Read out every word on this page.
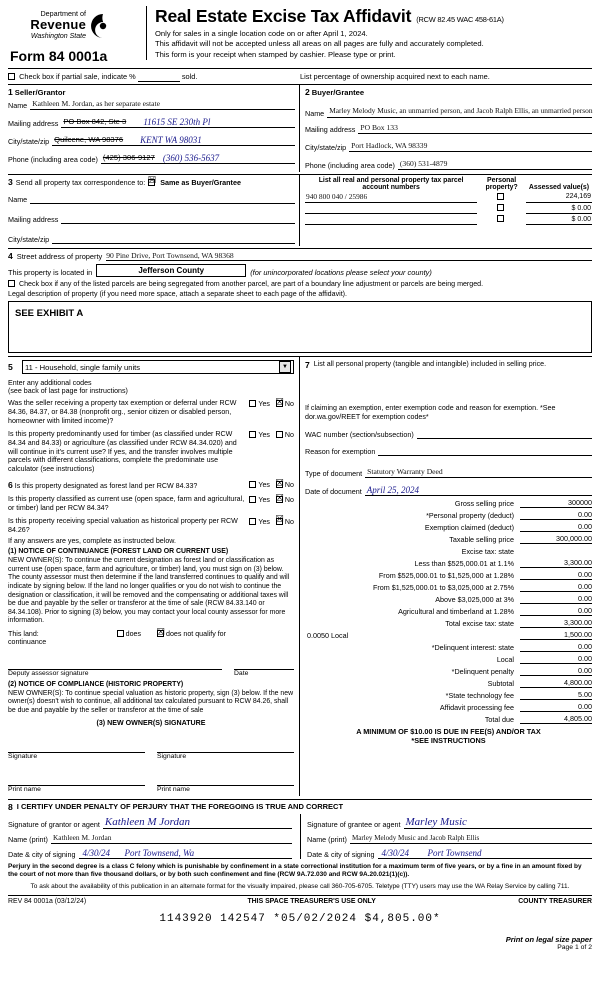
Department of
Revenue
Washington State
Form 84 0001a
Real Estate Excise Tax Affidavit (RCW 82.45 WAC 458-61A)
Only for sales in a single location code on or after April 1, 2024.
This affidavit will not be accepted unless all areas on all pages are fully and accurately completed.
This form is your receipt when stamped by cashier. Please type or print.
Check box if partial sale, indicate %	sold.	List percentage of ownership acquired next to each name.
1 Seller/Grantor
Name Kathleen M. Jordan, as her separate estate
Mailing address PO Box 842, Ste 3 11615 SE 230th Pl
City/state/zip Quilcene, WA 98376 KENT WA 98031
Phone (including area code) (425) 306-9127 (360) 536-5637
2 Buyer/Grantee
Name Marley Melody Music, an unmarried person, and Jacob Ralph Ellis, an unmarried person
Mailing address PO Box 133
City/state/zip Port Hadlock, WA 98339
Phone (including area code) (360) 531-4879
3 Send all property tax correspondence to: ☒ Same as Buyer/Grantee
Name
Mailing address
City/state/zip
List all real and personal property tax parcel account numbers	Personal property?	Assessed value(s)
940 800 040 / 25986		224,169
		$ 0.00
		$ 0.00
4 Street address of property 90 Pine Drive, Port Townsend, WA 98368
This property is located in	Jefferson County	(for unincorporated locations please select your county)
Check box if any of the listed parcels are being segregated from another parcel, are part of a boundary line adjustment or parcels are being merged.
Legal description of property (if you need more space, attach a separate sheet to each page of the affidavit).
SEE EXHIBIT A
5	11 - Household, single family units	▼
Enter any additional codes
(see back of last page for instructions)
Was the seller receiving a property tax exemption or deferral under RCW 84.36, 84.37, or 84.38 (nonprofit org., senior citizen or disabled person, homeowner with limited income)?
Yes ☒ No
Is this property predominantly used for timber (as classified under RCW 84.34 and 84.33) or agriculture (as classified under RCW 84.34.020) and will continue in it's current use? If yes, and the transfer involves multiple parcels with different classifications, complete the predominate use calculator (see instructions)
Yes No
6 Is this property designated as forest land per RCW 84.33?	Yes ☒ No
Is this property classified as current use (open space, farm and agricultural, or timber) land per RCW 84.34?
Yes ☒ No
Is this property receiving special valuation as historical property per RCW 84.26?
Yes ☒ No
If any answers are yes, complete as instructed below.
(1) NOTICE OF CONTINUANCE (FOREST LAND OR CURRENT USE)
NEW OWNER(S): To continue the current designation as forest land or classification as current use (open space, farm and agriculture, or timber) land, you must sign on (3) below. The county assessor must then determine if the land transferred continues to qualify and will indicate by signing below. If the land no longer qualifies or you do not wish to continue the designation or classification, it will be removed and the compensating or additional taxes will be due and payable by the seller or transferor at the time of sale (RCW 84.33.140 or 84.34.108). Prior to signing (3) below, you may contact your local county assessor for more information.
This land:
continuance
does ☒	does not qualify for
Deputy assessor signature	Date
(2) NOTICE OF COMPLIANCE (HISTORIC PROPERTY)
NEW OWNER(S): To continue special valuation as historic property, sign (3) below. If the new owner(s) doesn't wish to continue, all additional tax calculated pursuant to RCW 84.26, shall be due and payable by the seller or transferor at the time of sale
(3) NEW OWNER(S) SIGNATURE
Signature	Signature
Print name	Print name
7 List all personal property (tangible and intangible) included in selling price.
If claiming an exemption, enter exemption code and reason for exemption. *See dor.wa.gov/REET for exemption codes*
WAC number (section/subsection)
Reason for exemption
Type of document Statutory Warranty Deed
Date of document April 25, 2024
Gross selling price	300000
*Personal property (deduct)	0.00
Exemption claimed (deduct)	0.00
Taxable selling price	300,000.00
Excise tax: state
Less than $525,000.01 at 1.1%	3,300.00
From $525,000.01 to $1,525,000 at 1.28%	0.00
From $1,525,000.01 to $3,025,000 at 2.75%	0.00
Above $3,025,000 at 3%	0.00
Agricultural and timberland at 1.28%	0.00
Total excise tax: state	3,300.00
0.0050 Local	1,500.00
*Delinquent interest: state	0.00
Local	0.00
*Delinquent penalty	0.00
Subtotal	4,800.00
*State technology fee	5.00
Affidavit processing fee	0.00
Total due	4,805.00
A MINIMUM OF $10.00 IS DUE IN FEE(S) AND/OR TAX
*SEE INSTRUCTIONS
8 I CERTIFY UNDER PENALTY OF PERJURY THAT THE FOREGOING IS TRUE AND CORRECT
Signature of grantor or agent Kathleen M Jordan
Name (print) Kathleen M. Jordan
Date & city of signing 4/30/24 Port Townsend, Wa
Signature of grantee or agent Marley Music
Name (print) Marley Melody Music and Jacob Ralph Ellis
Date & city of signing 4/30/24 Port Townsend
Perjury in the second degree is a class C felony which is punishable by confinement in a state correctional institution for a maximum term of five years, or by a fine in an amount fixed by the court of not more than five thousand dollars, or by both such confinement and fine (RCW 9A.72.030 and RCW 9A.20.021(1)(c)).
To ask about the availability of this publication in an alternate format for the visually impaired, please call 360-705-6705. Teletype (TTY) users may use the WA Relay Service by calling 711.
REV 84 0001a (03/12/24)	THIS SPACE TREASURER'S USE ONLY	COUNTY TREASURER
1143920 142547 *05/02/2024 $4,805.00*
Print on legal size paper
Page 1 of 2
